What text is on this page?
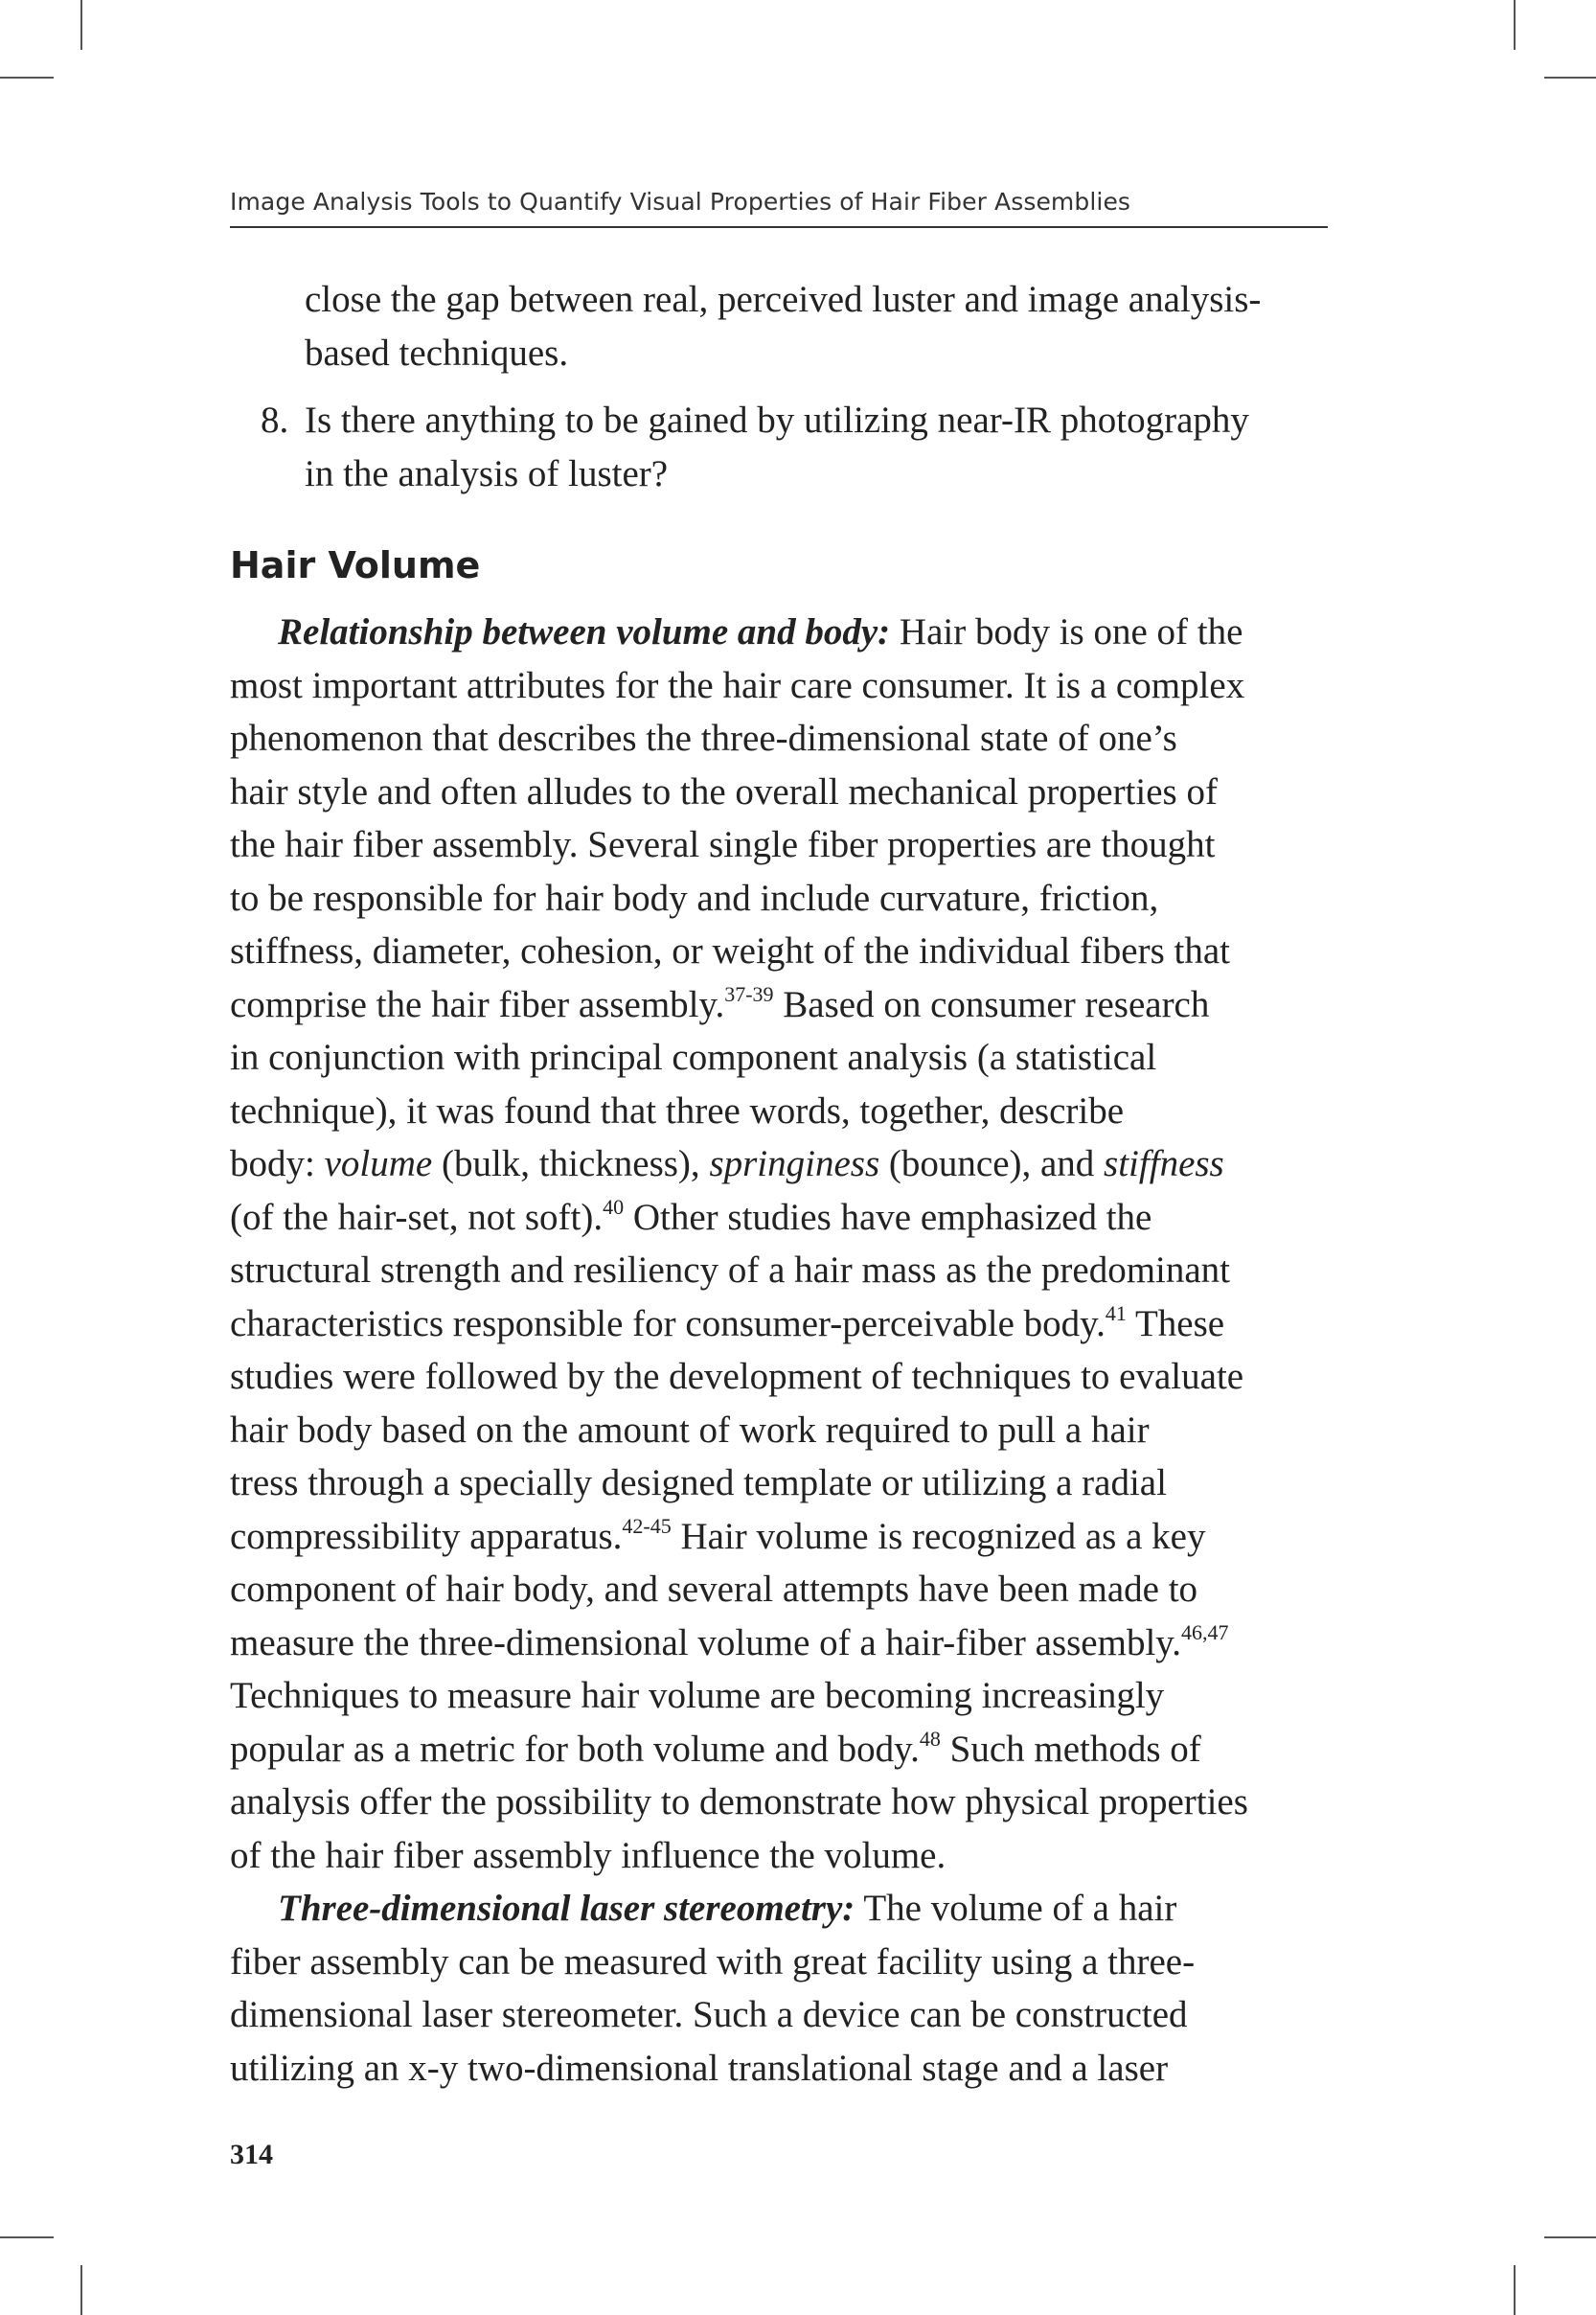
Image Analysis Tools to Quantify Visual Properties of Hair Fiber Assemblies
close the gap between real, perceived luster and image analysis-
based techniques.
8. Is there anything to be gained by utilizing near-IR photography
in the analysis of luster?
Hair Volume
Relationship between volume and body: Hair body is one of the
most important attributes for the hair care consumer. It is a complex
phenomenon that describes the three-dimensional state of one’s
hair style and often alludes to the overall mechanical properties of
the hair fiber assembly. Several single fiber properties are thought
to be responsible for hair body and include curvature, friction,
stiffness, diameter, cohesion, or weight of the individual fibers that
comprise the hair fiber assembly.$^{37-39}$ Based on consumer research
in conjunction with principal component analysis (a statistical
technique), it was found that three words, together, describe
body: volume (bulk, thickness), springiness (bounce), and stiffness
(of the hair-set, not soft).$^{40}$ Other studies have emphasized the
structural strength and resiliency of a hair mass as the predominant
characteristics responsible for consumer-perceivable body.$^{41}$ These
studies were followed by the development of techniques to evaluate
hair body based on the amount of work required to pull a hair
tress through a specially designed template or utilizing a radial
compressibility apparatus.$^{42-45}$ Hair volume is recognized as a key
component of hair body, and several attempts have been made to
measure the three-dimensional volume of a hair-fiber assembly.$^{46,47}$
Techniques to measure hair volume are becoming increasingly
popular as a metric for both volume and body.$^{48}$ Such methods of
analysis offer the possibility to demonstrate how physical properties
of the hair fiber assembly influence the volume.
Three-dimensional laser stereometry: The volume of a hair
fiber assembly can be measured with great facility using a three-
dimensional laser stereometer. Such a device can be constructed
utilizing an x-y two-dimensional translational stage and a laser
314
